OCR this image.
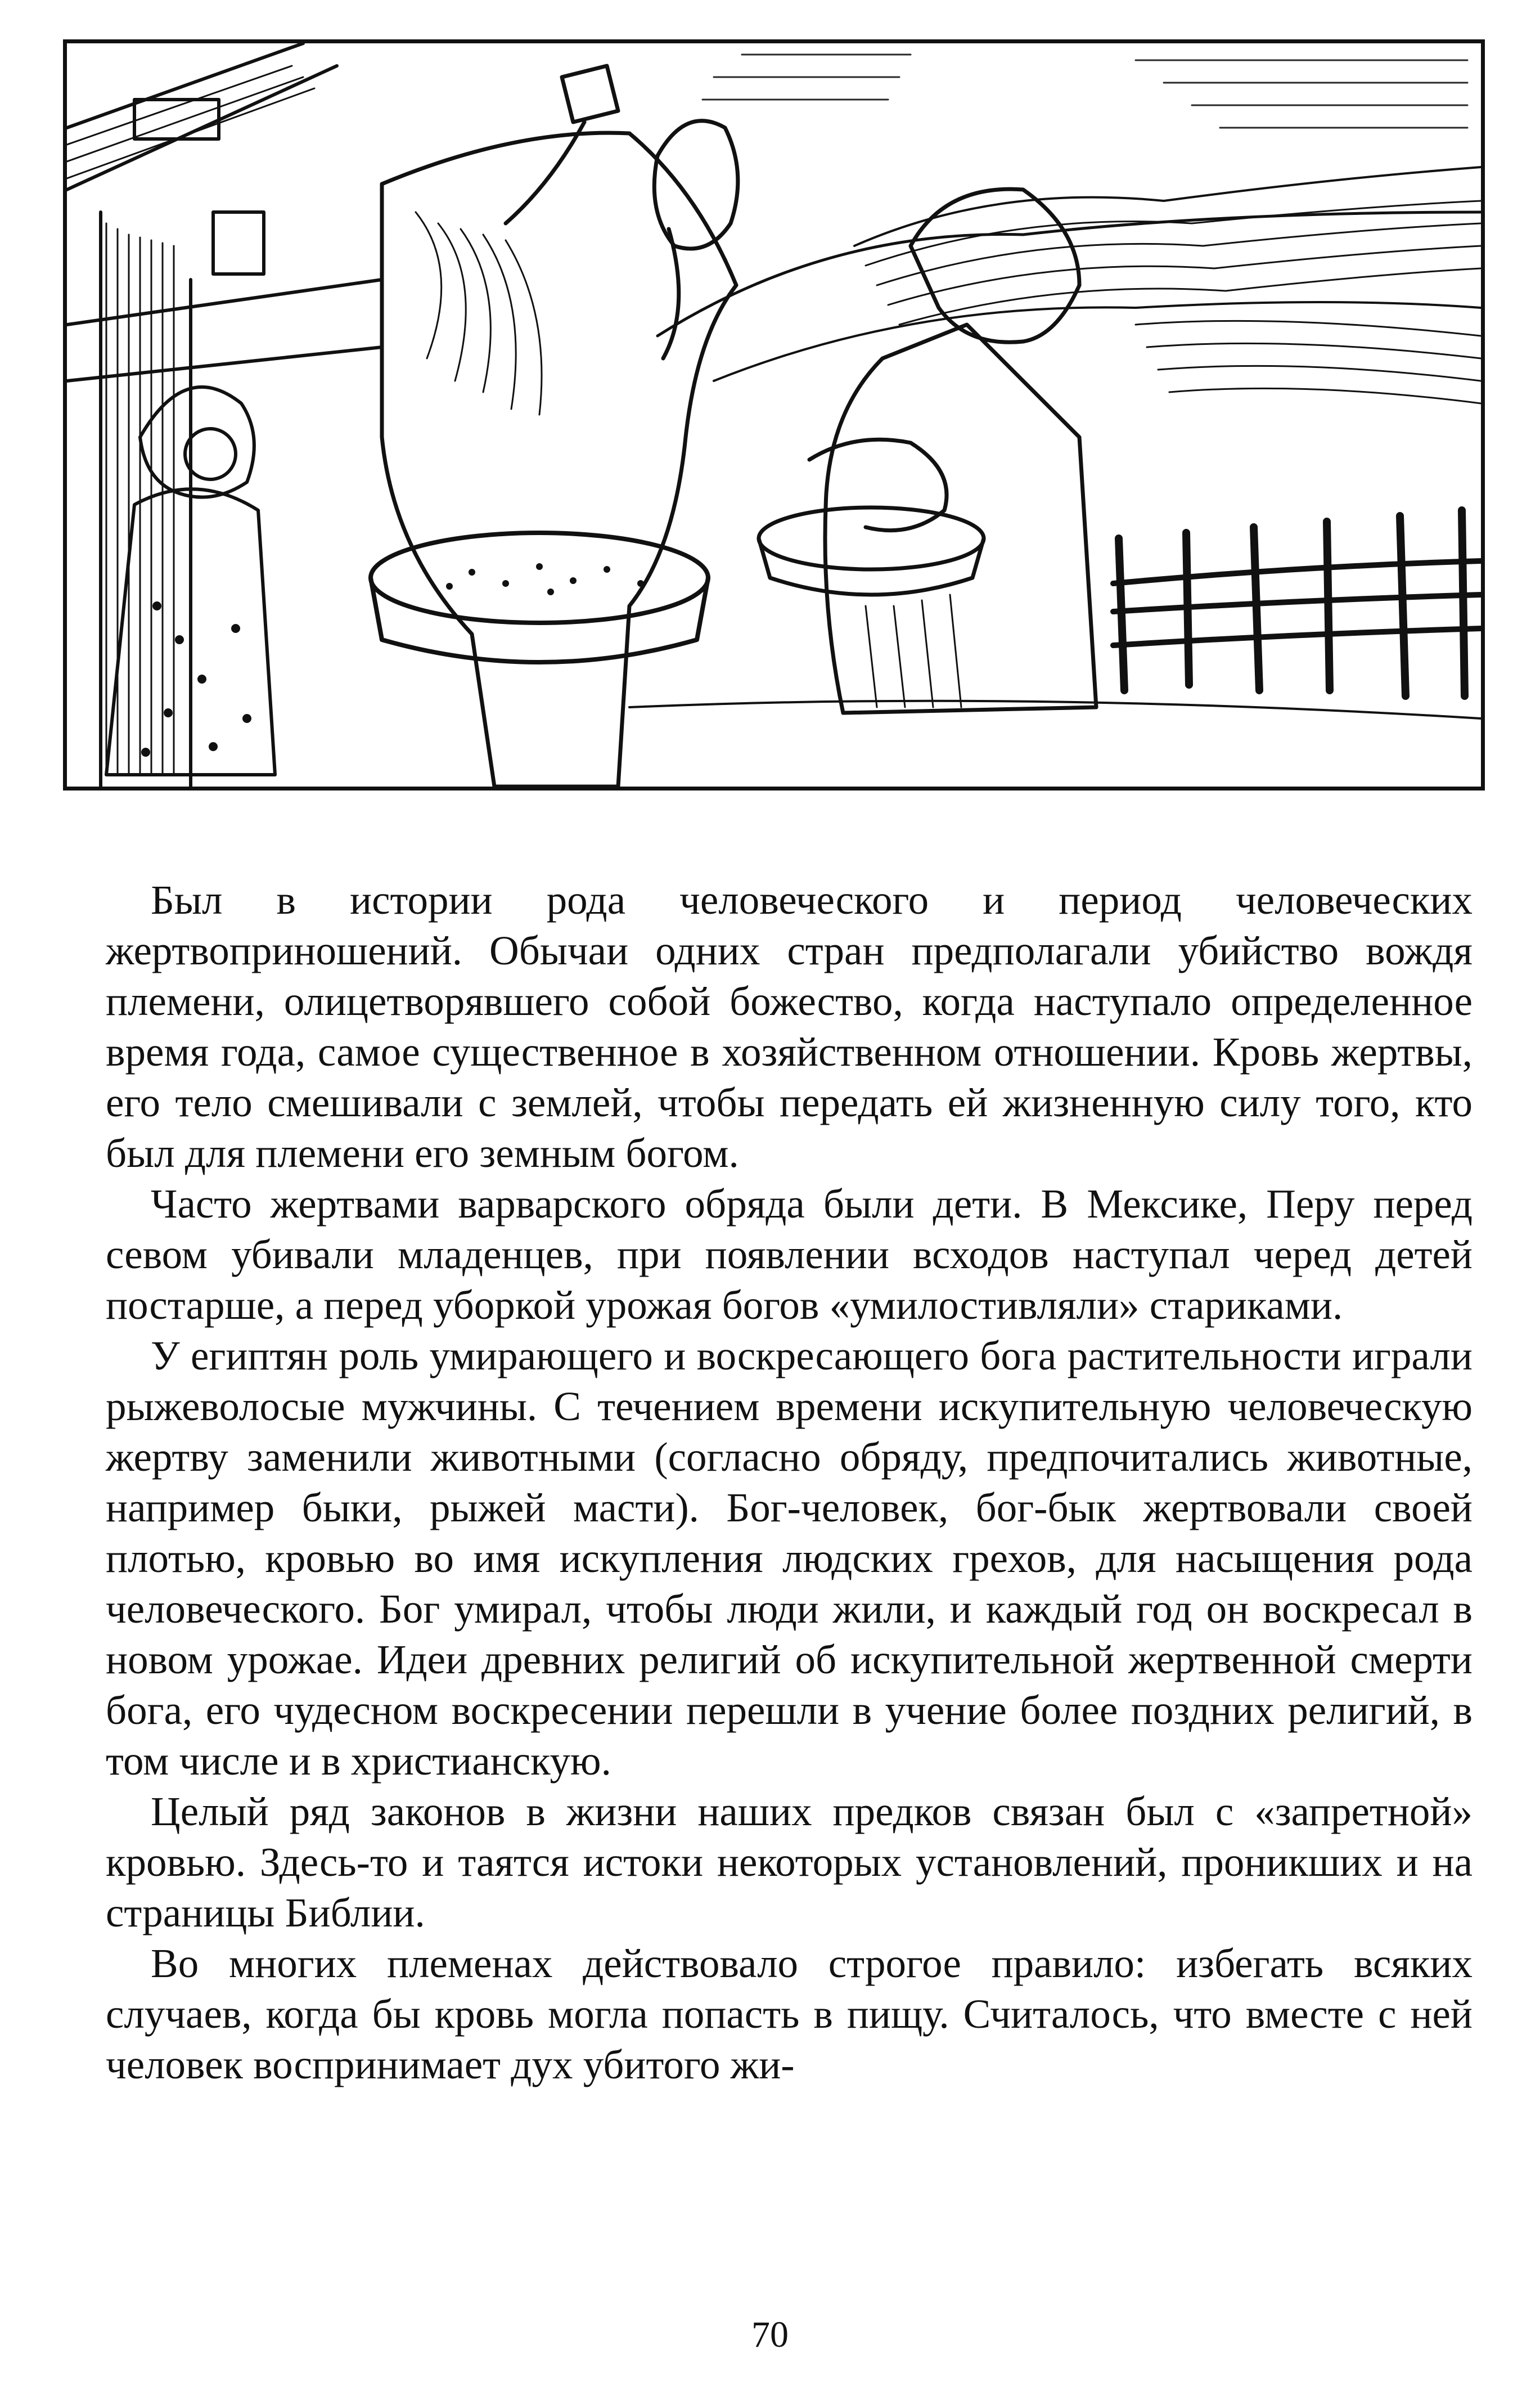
Был в истории рода человеческого и период человеческих жертвоприношений. Обычаи одних стран предполагали убийство вождя племени, олицетворявшего собой божество, когда наступало определенное время года, самое существенное в хозяйственном отношении. Кровь жертвы, его тело смешивали с землей, чтобы передать ей жизненную силу того, кто был для племени его земным богом.

Часто жертвами варварского обряда были дети. В Мексике, Перу перед севом убивали младенцев, при появлении всходов наступал черед детей постарше, а перед уборкой урожая богов «умилостивляли» стариками.

У египтян роль умирающего и воскресающего бога растительности играли рыжеволосые мужчины. С течением времени искупительную человеческую жертву заменили животными (согласно обряду, предпочитались животные, например быки, рыжей масти). Бог-человек, бог-бык жертвовали своей плотью, кровью во имя искупления людских грехов, для насыщения рода человеческого. Бог умирал, чтобы люди жили, и каждый год он воскресал в новом урожае. Идеи древних религий об искупительной жертвенной смерти бога, его чудесном воскресении перешли в учение более поздних религий, в том числе и в христианскую.

Целый ряд законов в жизни наших предков связан был с «запретной» кровью. Здесь-то и таятся истоки некоторых установлений, проникших и на страницы Библии.

Во многих племенах действовало строгое правило: избегать всяких случаев, когда бы кровь могла попасть в пищу. Считалось, что вместе с ней человек воспринимает дух убитого жи-

70
